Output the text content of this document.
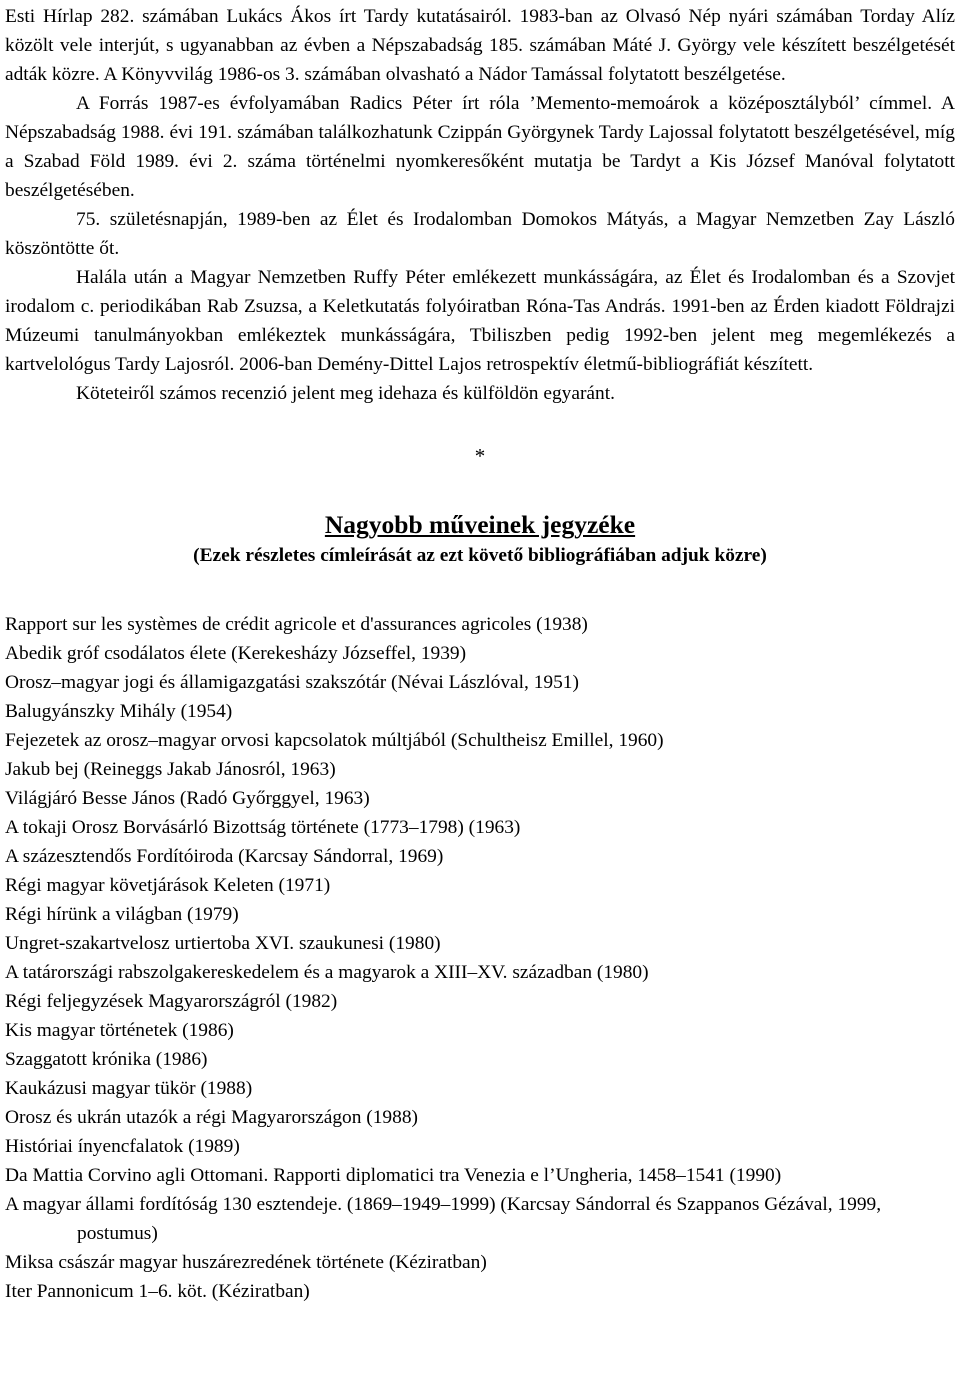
Esti Hírlap 282. számában Lukács Ákos írt Tardy kutatásairól. 1983-ban az Olvasó Nép nyári számában Torday Alíz közölt vele interjút, s ugyanabban az évben a Népszabadság 185. számában Máté J. György vele készített beszélgetését adták közre. A Könyvvilág 1986-os 3. számában olvasható a Nádor Tamással folytatott beszélgetése.

A Forrás 1987-es évfolyamában Radics Péter írt róla ’Memento-memoárok a középosztályból’ címmel. A Népszabadság 1988. évi 191. számában találkozhatunk Czippán Györgynek Tardy Lajossal folytatott beszélgetésével, míg a Szabad Föld 1989. évi 2. száma történelmi nyomkeresőként mutatja be Tardyt a Kis József Manóval folytatott beszélgetésében.

75. születésnapján, 1989-ben az Élet és Irodalomban Domokos Mátyás, a Magyar Nemzetben Zay László köszöntötte őt.

Halála után a Magyar Nemzetben Ruffy Péter emlékezett munkásságára, az Élet és Irodalomban és a Szovjet irodalom c. periodikában Rab Zsuzsa, a Keletkutatás folyóiratban Róna-Tas András. 1991-ben az Érden kiadott Földrajzi Múzeumi tanulmányokban emlékeztek munkásságára, Tbiliszben pedig 1992-ben jelent meg megemlékezés a kartvelológus Tardy Lajosról. 2006-ban Demény-Dittel Lajos retrospektív életmű-bibliográfiát készített.

Köteteiről számos recenzió jelent meg idehaza és külföldön egyaránt.

*
Nagyobb műveinek jegyzéke
(Ezek részletes címleírását az ezt követő bibliográfiában adjuk közre)
Rapport sur les systèmes de crédit agricole et d'assurances agricoles (1938)
Abedik gróf csodálatos élete (Kerekesházy Józseffel, 1939)
Orosz–magyar jogi és államigazgatási szakszótár (Névai Lászlóval, 1951)
Balugyánszky Mihály (1954)
Fejezetek az orosz–magyar orvosi kapcsolatok múltjából (Schultheisz Emillel, 1960)
Jakub bej (Reineggs Jakab Jánosról, 1963)
Világjáró Besse János (Radó Győrggyel, 1963)
A tokaji Orosz Borvásárló Bizottság története (1773–1798) (1963)
A százesztendős Fordítóiroda (Karcsay Sándorral, 1969)
Régi magyar követjárások Keleten (1971)
Régi hírünk a világban (1979)
Ungret-szakartvelosz urtiertoba XVI. szaukunesi (1980)
A tatárországi rabszolgakereskedelem és a magyarok a XIII–XV. században (1980)
Régi feljegyzések Magyarországról (1982)
Kis magyar történetek (1986)
Szaggatott krónika (1986)
Kaukázusi magyar tükör (1988)
Orosz és ukrán utazók a régi Magyarországon (1988)
Históriai ínyencfalatok (1989)
Da Mattia Corvino agli Ottomani. Rapporti diplomatici tra Venezia e l’Ungheria, 1458–1541 (1990)
A magyar állami fordítóság 130 esztendeje. (1869–1949–1999) (Karcsay Sándorral és Szappanos Gézával, 1999, postumus)
Miksa császár magyar huszárezredének története (Kéziratban)
Iter Pannonicum 1–6. köt. (Kéziratban)
